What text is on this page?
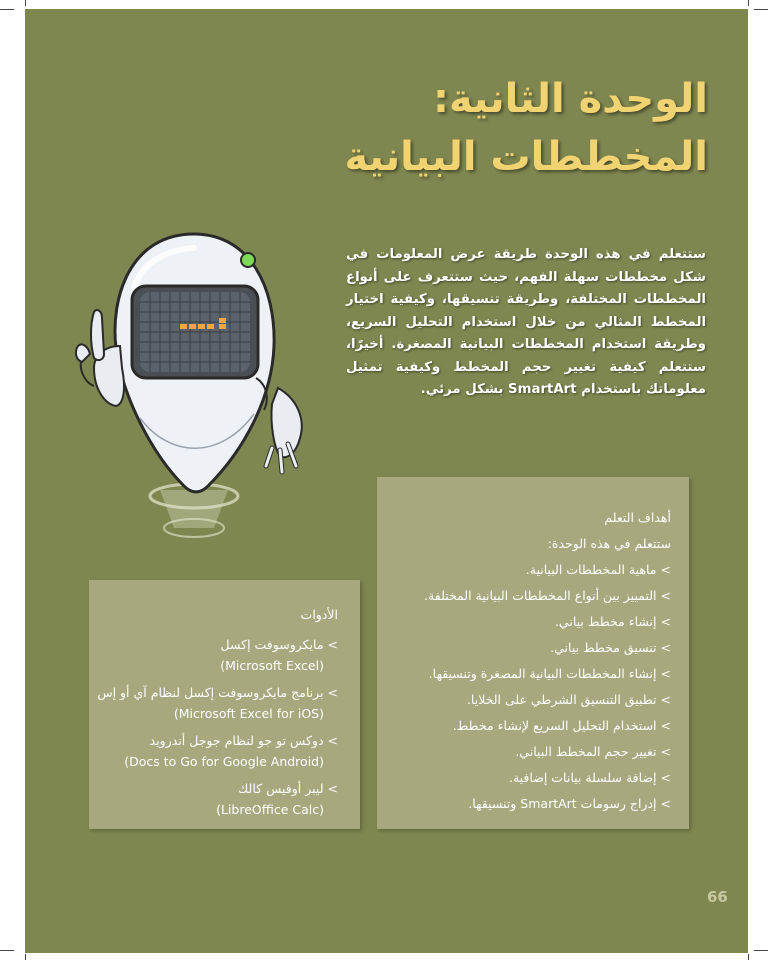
الوحدة الثانية:
المخططات البيانية
ستتعلم في هذه الوحدة طريقة عرض المعلومات في شكل مخططات سهلة الفهم، حيث ستتعرف على أنواع المخططات المختلفة، وطريقة تنسيقها، وكيفية اختيار المخطط المثالي من خلال استخدام التحليل السريع، وطريقة استخدام المخططات البيانية المصغرة. أخيرًا، ستتعلم كيفية تغيير حجم المخطط وكيفية تمثيل معلوماتك باستخدام SmartArt بشكل مرئي.
أهداف التعلم
ستتعلم في هذه الوحدة:
>ماهية المخططات البيانية.
>التمييز بين أنواع المخططات البيانية المختلفة.
>إنشاء مخطط بياني.
>تنسيق مخطط بياني.
>إنشاء المخططات البيانية المصغرة وتنسيقها.
>تطبيق التنسيق الشرطي على الخلايا.
>استخدام التحليل السريع لإنشاء مخطط.
>تغيير حجم المخطط البياني.
>إضافة سلسلة بيانات إضافية.
>إدراج رسومات SmartArt وتنسيقها.
الأدوات
>مايكروسوفت إكسل
(Microsoft Excel)
>برنامج مايكروسوفت إكسل لنظام آي أو إس
(Microsoft Excel for iOS)
>دوكس تو جو لنظام جوجل أندرويد
(Docs to Go for Google Android)
>ليبر أوفيس كالك
(LibreOffice Calc)
66
